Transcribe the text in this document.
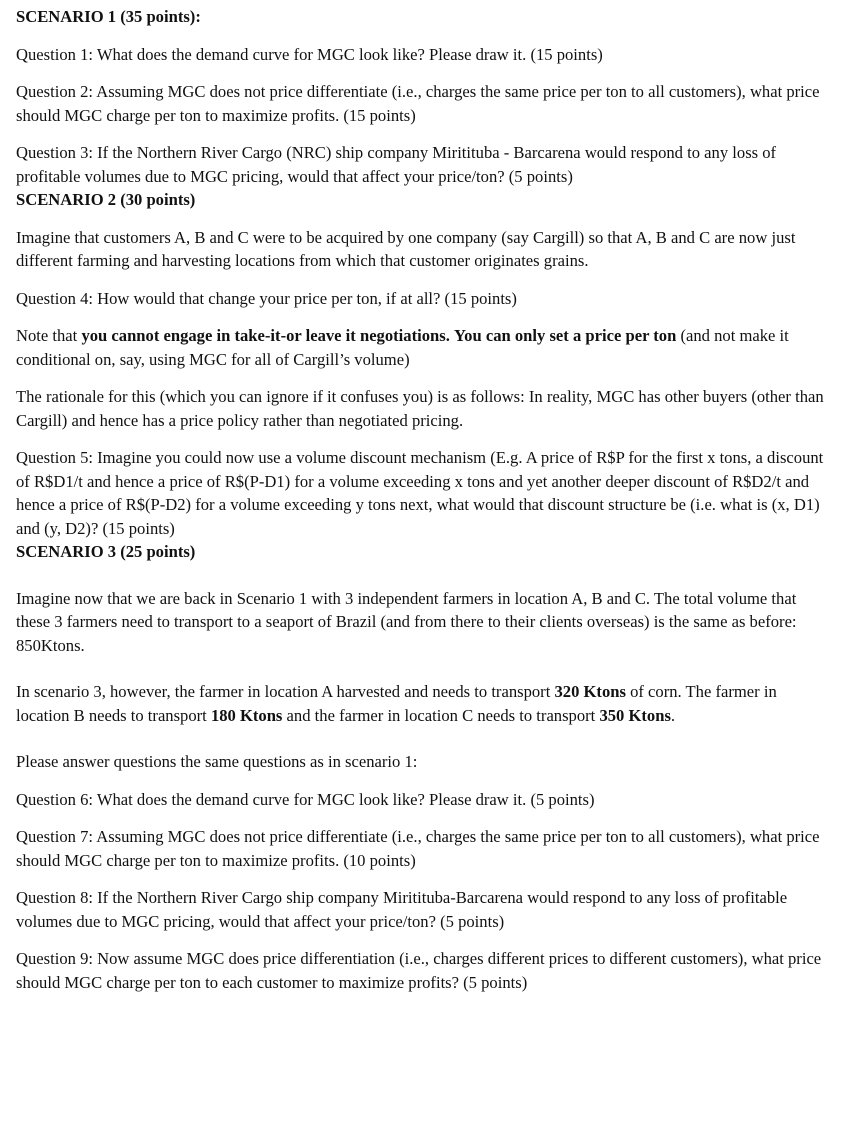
SCENARIO 1 (35 points):

Question 1: What does the demand curve for MGC look like? Please draw it. (15 points)

Question 2: Assuming MGC does not price differentiate (i.e., charges the same price per ton to all customers), what price should MGC charge per ton to maximize profits. (15 points)

Question 3: If the Northern River Cargo (NRC) ship company Miritituba - Barcarena would respond to any loss of profitable volumes due to MGC pricing, would that affect your price/ton? (5 points)

SCENARIO 2 (30 points)

Imagine that customers A, B and C were to be acquired by one company (say Cargill) so that A, B and C are now just different farming and harvesting locations from which that customer originates grains.

Question 4: How would that change your price per ton, if at all? (15 points)

Note that you cannot engage in take-it-or leave it negotiations. You can only set a price per ton (and not make it conditional on, say, using MGC for all of Cargill’s volume)

The rationale for this (which you can ignore if it confuses you) is as follows: In reality, MGC has other buyers (other than Cargill) and hence has a price policy rather than negotiated pricing.

Question 5: Imagine you could now use a volume discount mechanism (E.g. A price of R$P for the first x tons, a discount of R$D1/t and hence a price of R$(P-D1) for a volume exceeding x tons and yet another deeper discount of R$D2/t and hence a price of R$(P-D2) for a volume exceeding y tons next, what would that discount structure be (i.e. what is (x, D1) and (y, D2)? (15 points)

SCENARIO 3 (25 points)

Imagine now that we are back in Scenario 1 with 3 independent farmers in location A, B and C. The total volume that these 3 farmers need to transport to a seaport of Brazil (and from there to their clients overseas) is the same as before: 850Ktons.

In scenario 3, however, the farmer in location A harvested and needs to transport 320 Ktons of corn. The farmer in location B needs to transport 180 Ktons and the farmer in location C needs to transport 350 Ktons.

Please answer questions the same questions as in scenario 1:

Question 6: What does the demand curve for MGC look like? Please draw it. (5 points)

Question 7: Assuming MGC does not price differentiate (i.e., charges the same price per ton to all customers), what price should MGC charge per ton to maximize profits. (10 points)

Question 8: If the Northern River Cargo ship company Miritituba-Barcarena would respond to any loss of profitable volumes due to MGC pricing, would that affect your price/ton? (5 points)

Question 9: Now assume MGC does price differentiation (i.e., charges different prices to different customers), what price should MGC charge per ton to each customer to maximize profits? (5 points)
